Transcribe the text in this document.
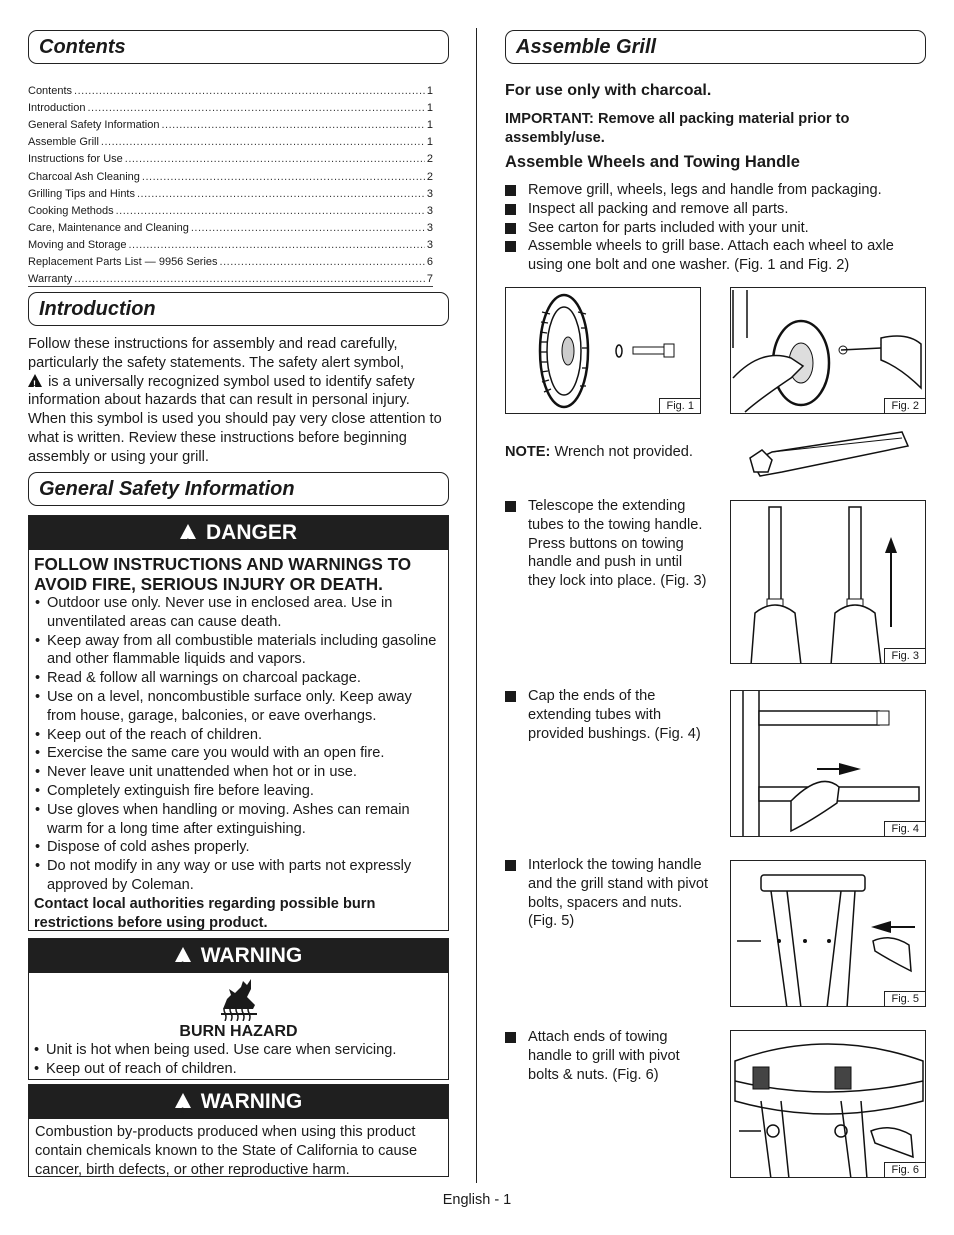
Contents
Contents .....	1
Introduction .....	1
General Safety Information .....	1
Assemble Grill .....	1
Instructions for Use .....	2
Charcoal Ash Cleaning .....	2
Grilling Tips and Hints .....	3
Cooking Methods .....	3
Care, Maintenance and Cleaning .....	3
Moving and Storage .....	3
Replacement Parts List — 9956 Series .....	6
Warranty .....	7
Introduction
Follow these instructions for assembly and read carefully, particularly the safety statements. The safety alert symbol,
! is a universally recognized symbol used to identify safety information about hazards that can result in personal injury. When this symbol is used you should pay very close attention to what is written. Review these instructions before beginning assembly or using your grill.
General Safety Information
!DANGER
FOLLOW INSTRUCTIONS AND WARNINGS TO AVOID FIRE, SERIOUS INJURY OR DEATH.
• Outdoor use only. Never use in enclosed area. Use in unventilated areas can cause death.
• Keep away from all combustible materials including gasoline and other flammable liquids and vapors.
• Read & follow all warnings on charcoal package.
• Use on a level, noncombustible surface only. Keep away from house, garage, balconies, or eave overhangs.
• Keep out of the reach of children.
• Exercise the same care you would with an open fire.
• Never leave unit unattended when hot or in use.
• Completely extinguish fire before leaving.
• Use gloves when handling or moving. Ashes can remain warm for a long time after extinguishing.
• Dispose of cold ashes properly.
• Do not modify in any way or use with parts not expressly approved by Coleman.
Contact local authorities regarding possible burn restrictions before using product.
!WARNING
BURN HAZARD
• Unit is hot when being used. Use care when servicing.
• Keep out of reach of children.
!WARNING
Combustion by-products produced when using this product contain chemicals known to the State of California to cause cancer, birth defects, or other reproductive harm.
Assemble Grill
For use only with charcoal.
IMPORTANT: Remove all packing material prior to assembly/use.
Assemble Wheels and Towing Handle
Remove grill, wheels, legs and handle from packaging.
Inspect all packing and remove all parts.
See carton for parts included with your unit.
Assemble wheels to grill base. Attach each wheel to axle using one bolt and one washer. (Fig. 1 and Fig. 2)
Fig. 1	Fig. 2
NOTE: Wrench not provided.
Telescope the extending tubes to the towing handle. Press buttons on towing handle and push in until they lock into place. (Fig. 3)
Fig. 3
Cap the ends of the extending tubes with provided bushings. (Fig. 4)
Fig. 4
Interlock the towing handle and the grill stand with pivot bolts, spacers and nuts. (Fig. 5)
Fig. 5
Attach ends of towing handle to grill with pivot bolts & nuts. (Fig. 6)
Fig. 6
English - 1
